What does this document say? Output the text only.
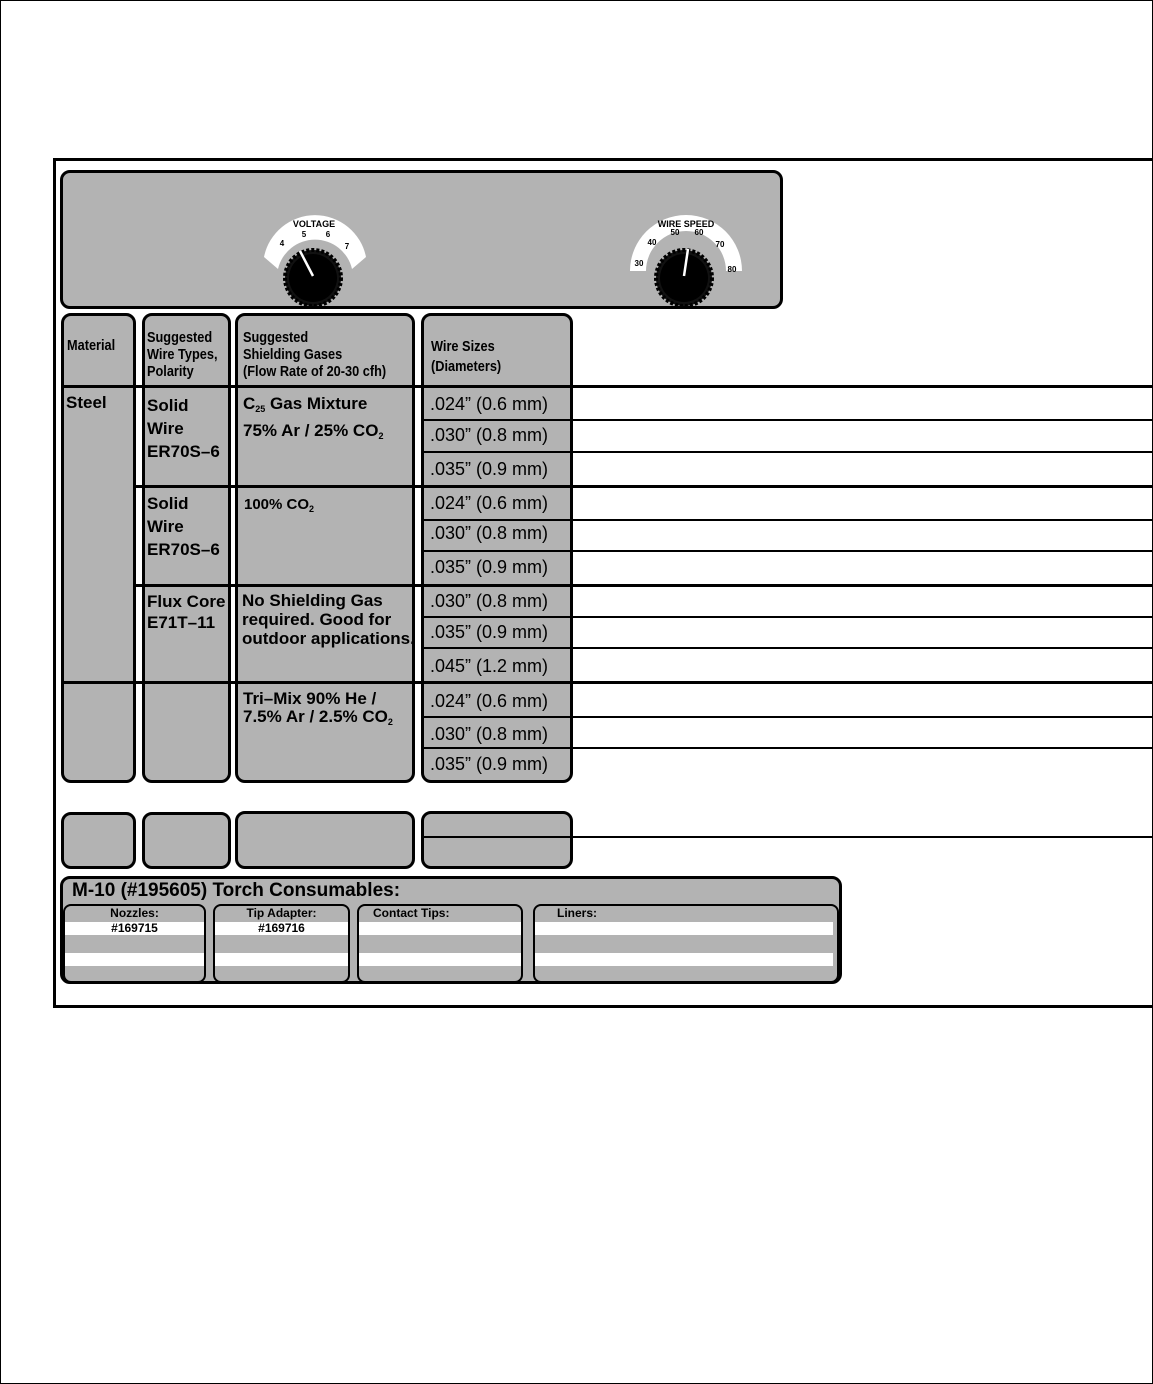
VOLTAGE
4
5 6
7
WIRE SPEED
30
40
50 60
70
80
Material Suggested
Wire Types,
Polarity
Suggested
Shielding Gases
(Flow Rate of 20-30 cfh)
Wire Sizes
(Diameters)
Steel Solid
Wire
ER70S–6
$C_{25}$ Gas Mixture
75% Ar / 25% $CO_2$
.024” (0.6 mm)
.030” (0.8 mm)
.035” (0.9 mm)
Solid
Wire
ER70S–6
100% $CO_2$	.024” (0.6 mm)
.030” (0.8 mm)
.035” (0.9 mm)
Flux Core
E71T–11
No Shielding Gas required. Good for outdoor applications.
.030” (0.8 mm)
.035” (0.9 mm)
.045” (1.2 mm)
Tri–Mix 90% He /
7.5% Ar / 2.5% $CO_2$
.024” (0.6 mm)
.030” (0.8 mm)
.035” (0.9 mm)
M-10 (#195605) Torch Consumables:
Nozzles:
#169715
Tip Adapter:
#169716
Contact Tips:	Liners:
